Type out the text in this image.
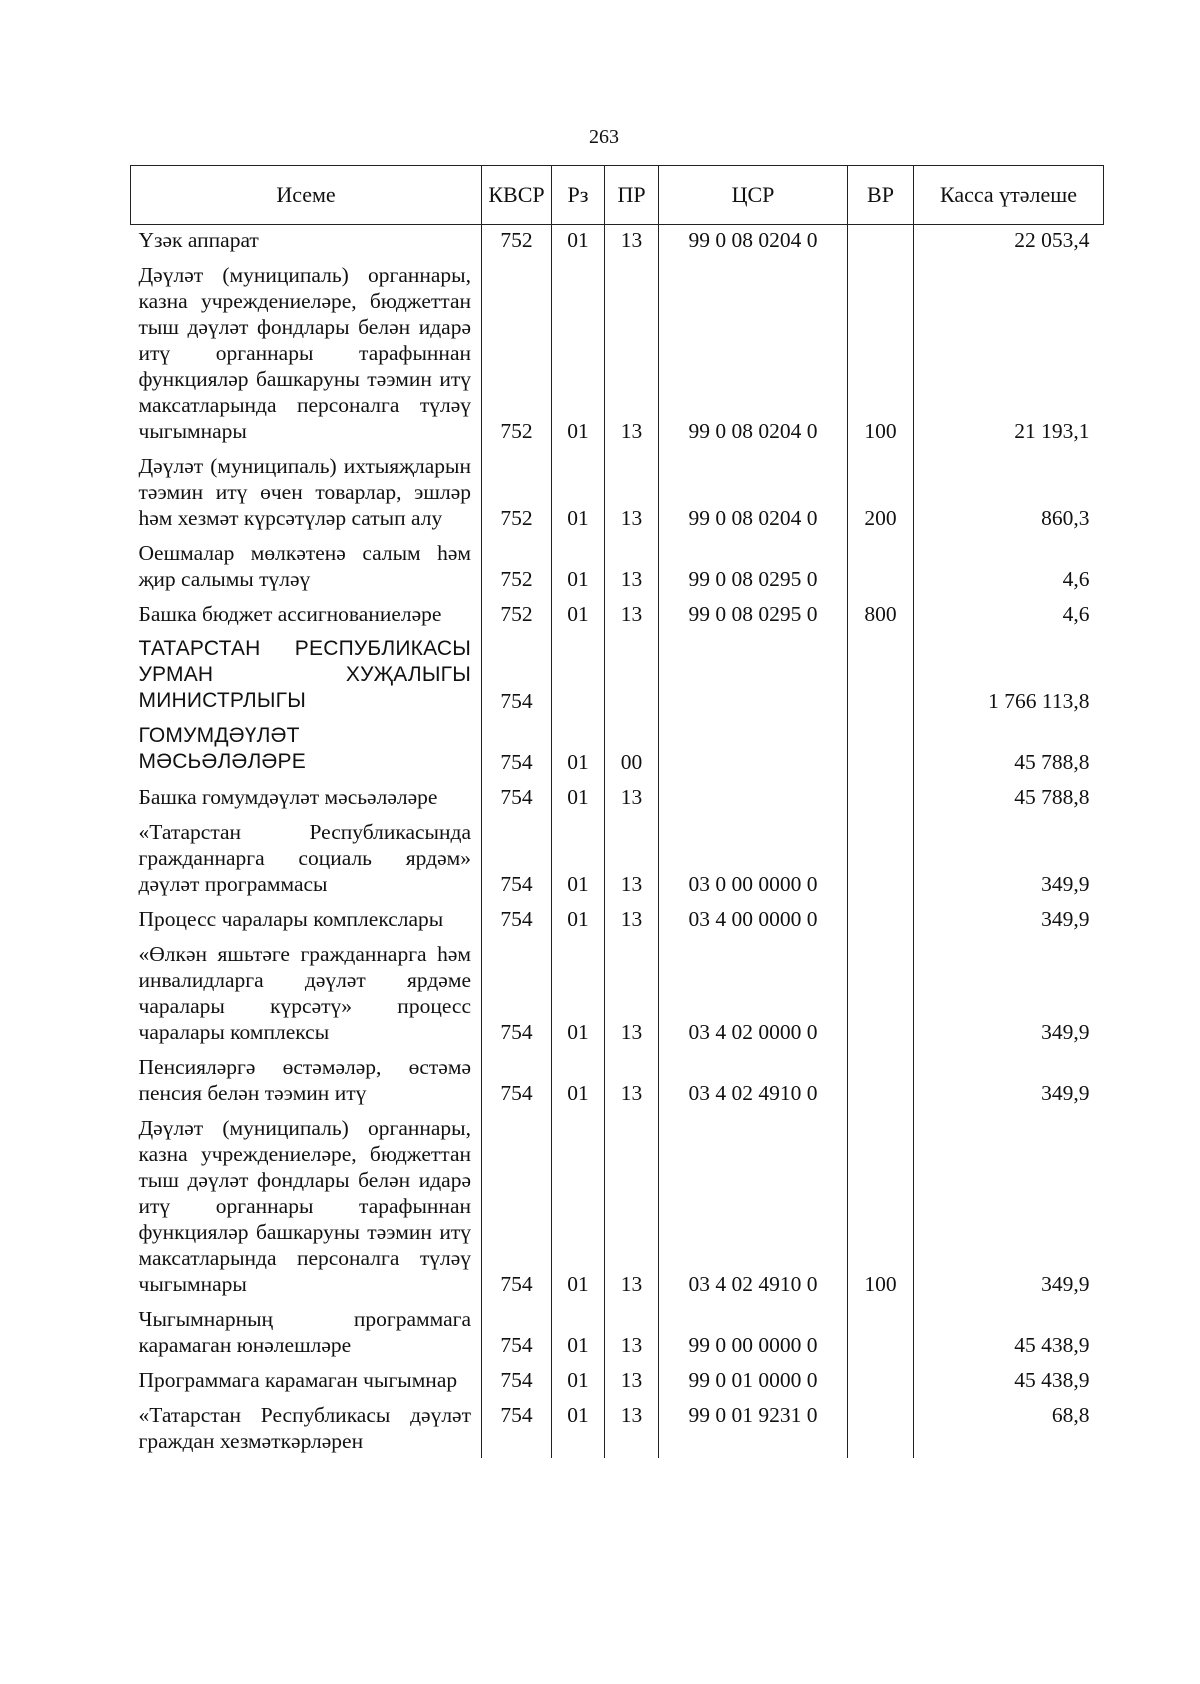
263
Исеме	КВСР	Рз	ПР	ЦСР	ВР	Касса үтәлеше
Үзәк аппарат	752	01	13	99 0 08 0204 0		22 053,4
Дәүләт (муниципаль) органнары, казна учреждениеләре, бюджеттан тыш дәүләт фондлары белән идарә итү органнары тарафыннан функцияләр башкаруны тәэмин итү максатларында персоналга түләү чыгымнары	752	01	13	99 0 08 0204 0	100	21 193,1
Дәүләт (муниципаль) ихтыяҗларын тәэмин итү өчен товарлар, эшләр һәм хезмәт күрсәтүләр сатып алу	752	01	13	99 0 08 0204 0	200	860,3
Оешмалар мөлкәтенә салым һәм җир салымы түләү	752	01	13	99 0 08 0295 0		4,6
Башка бюджет ассигнованиеләре	752	01	13	99 0 08 0295 0	800	4,6
ТАТАРСТАН РЕСПУБЛИКАСЫ УРМАН ХУҖАЛЫГЫ МИНИСТРЛЫГЫ	754					1 766 113,8
ГОМУМДӘҮЛӘТ МӘСЬӘЛӘЛӘРЕ	754	01	00			45 788,8
Башка гомумдәүләт мәсьәләләре	754	01	13			45 788,8
«Татарстан Республикасында гражданнарга социаль ярдәм» дәүләт программасы	754	01	13	03 0 00 0000 0		349,9
Процесс чаралары комплекслары	754	01	13	03 4 00 0000 0		349,9
«Өлкән яшьтәге гражданнарга һәм инвалидларга дәүләт ярдәме чаралары күрсәтү» процесс чаралары комплексы	754	01	13	03 4 02 0000 0		349,9
Пенсияләргә өстәмәләр, өстәмә пенсия белән тәэмин итү	754	01	13	03 4 02 4910 0		349,9
Дәүләт (муниципаль) органнары, казна учреждениеләре, бюджеттан тыш дәүләт фондлары белән идарә итү органнары тарафыннан функцияләр башкаруны тәэмин итү максатларында персоналга түләү чыгымнары	754	01	13	03 4 02 4910 0	100	349,9
Чыгымнарның программага карамаган юнәлешләре	754	01	13	99 0 00 0000 0		45 438,9
Программага карамаган чыгымнар	754	01	13	99 0 01 0000 0		45 438,9
«Татарстан Республикасы дәүләт граждан хезмәткәрләрен	754	01	13	99 0 01 9231 0		68,8
